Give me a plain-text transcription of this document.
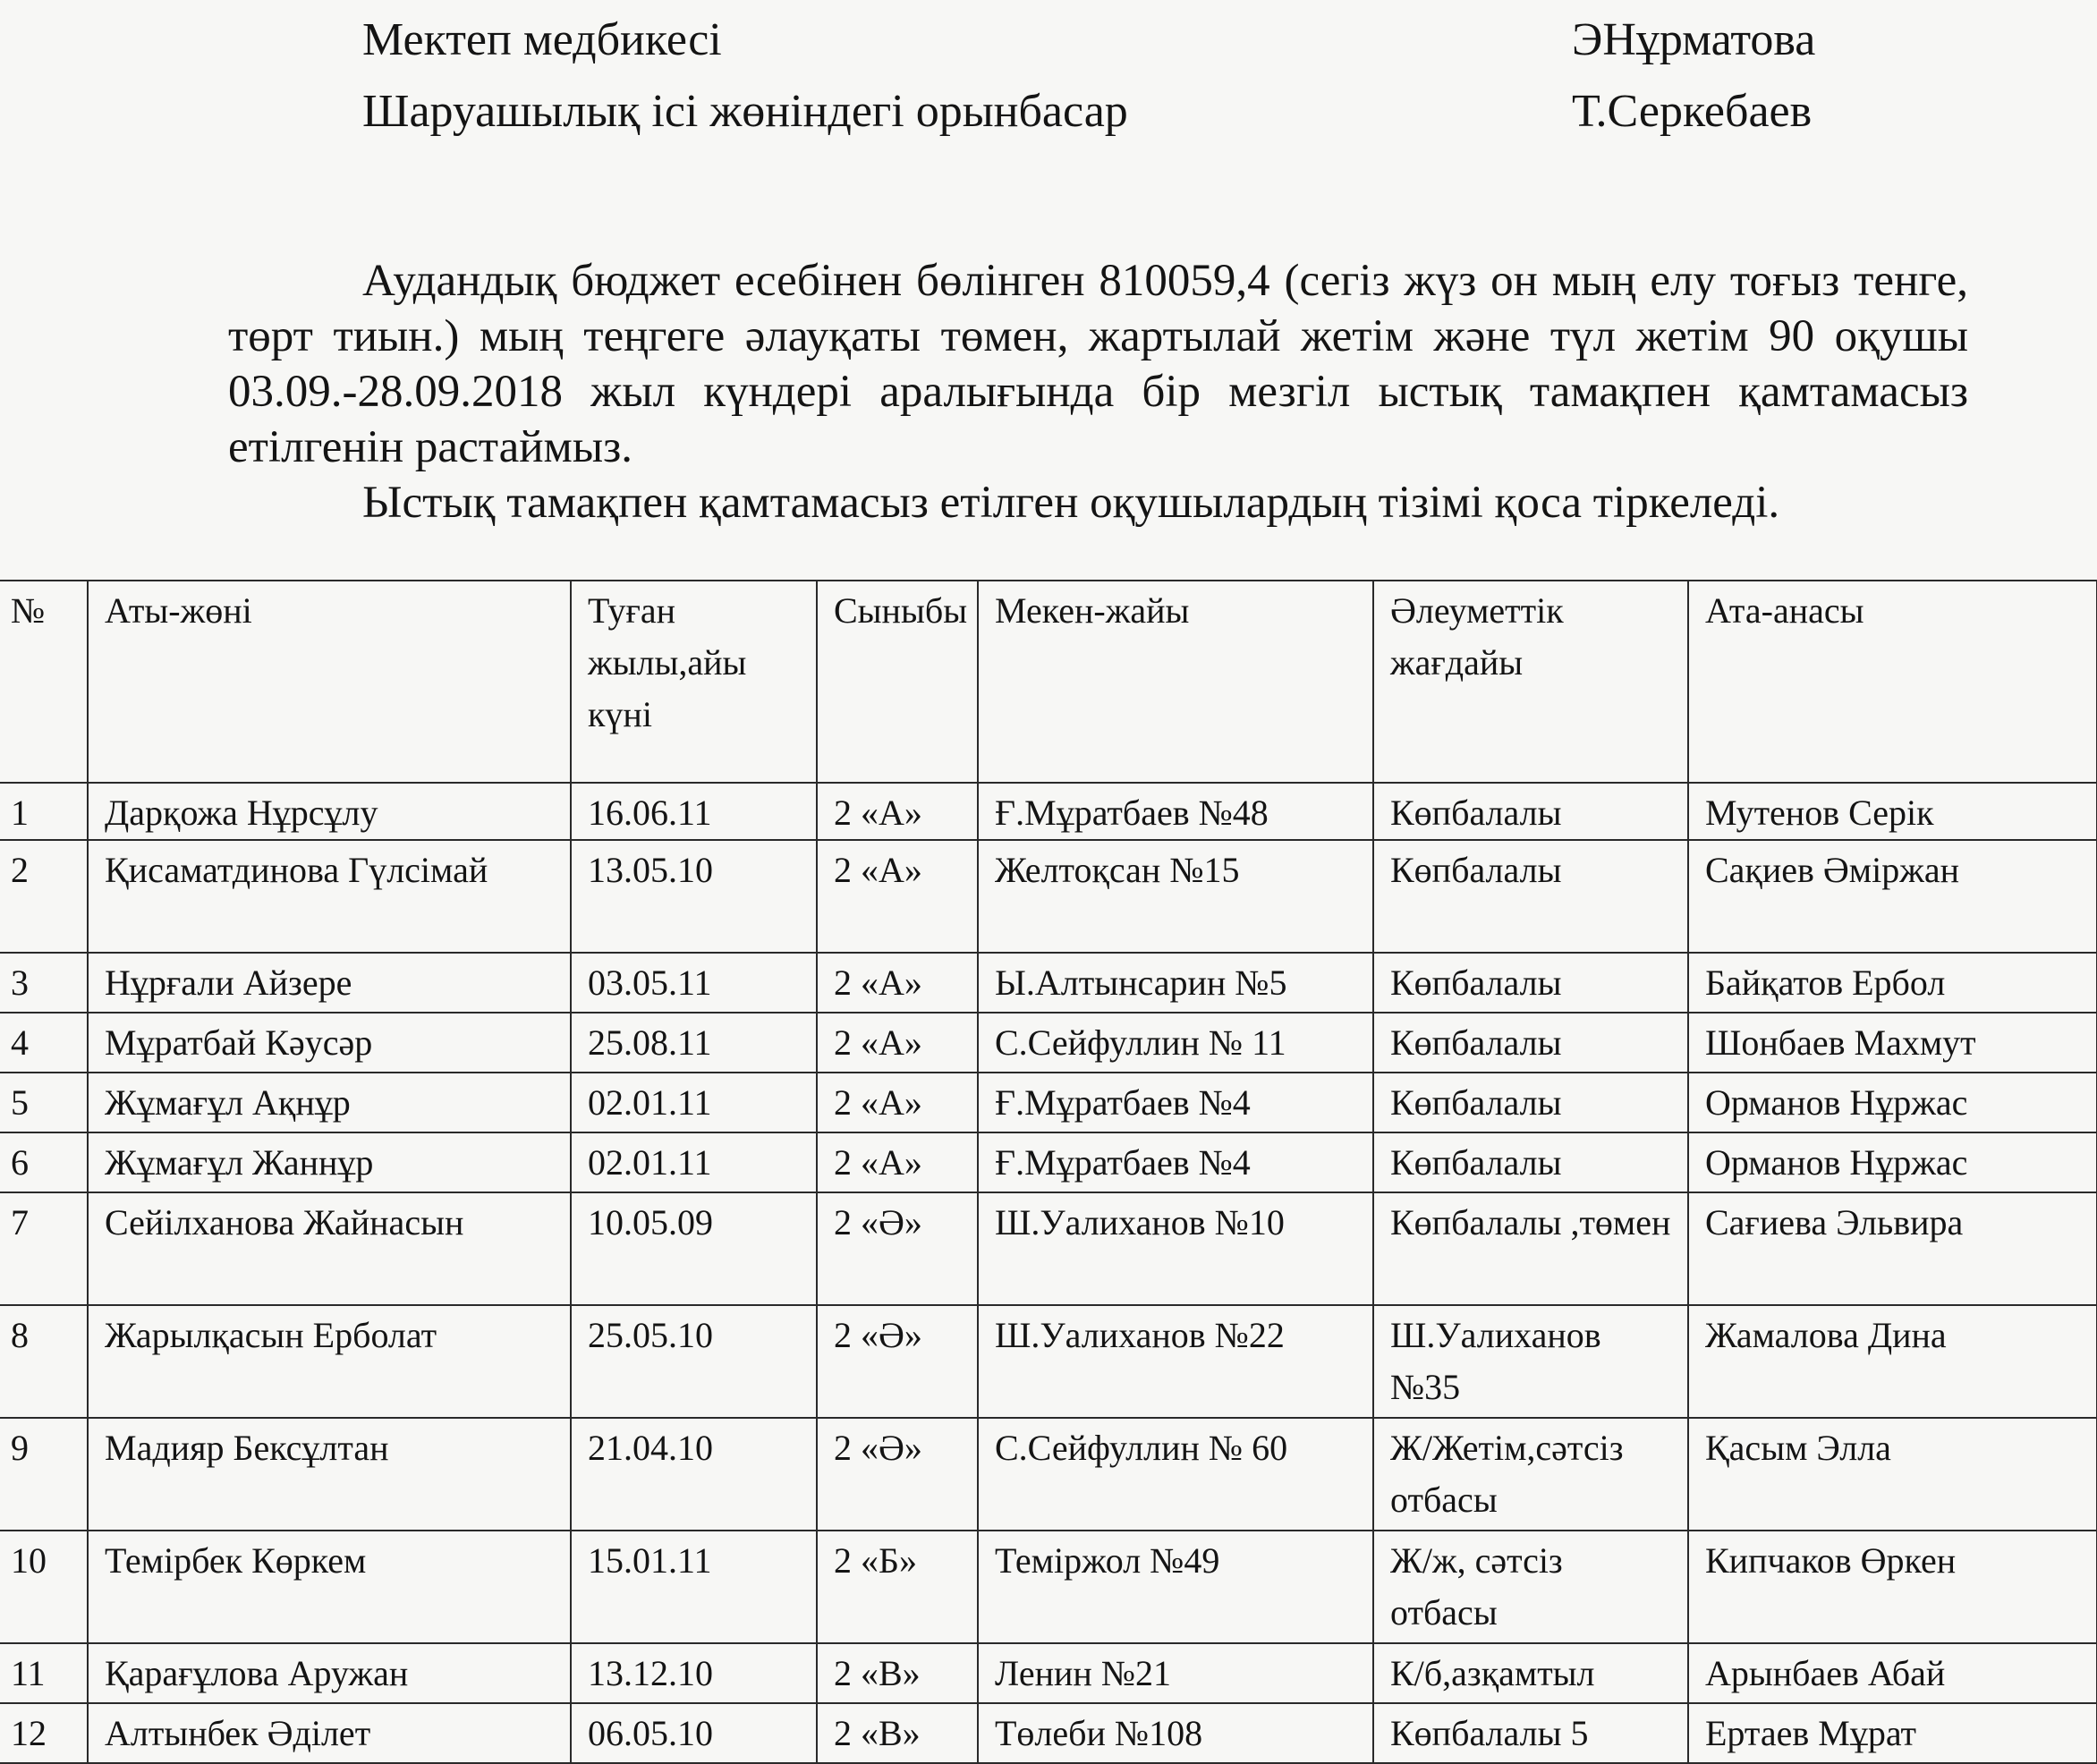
Мектеп медбикесі	ЭНұрматова
Шаруашылық ісі жөніндегі орынбасар	Т.Серкебаев

Аудандық бюджет есебінен бөлінген 810059,4 (сегіз жүз он мың елу тоғыз тенге, төрт тиын.) мың теңгеге әлауқаты төмен, жартылай жетім және түл жетім 90 оқушы 03.09.-28.09.2018 жыл күндері аралығында бір мезгіл ыстық тамақпен қамтамасыз етілгенін растаймыз.

Ыстық тамақпен қамтамасыз етілген оқушылардың тізімі қоса тіркеледі.

№	Аты-жөні	Туған жылы,айы күні	Сыныбы	Мекен-жайы	Әлеуметтік жағдайы	Ата-анасы
1	Дарқожа Нұрсұлу	16.06.11	2 «А»	Ғ.Мұратбаев №48	Көпбалалы	Мутенов Серік
2	Қисаматдинова Гүлсімай	13.05.10	2 «А»	Желтоқсан №15	Көпбалалы	Сақиев Әміржан
3	Нұрғали Айзере	03.05.11	2 «А»	Ы.Алтынсарин №5	Көпбалалы	Байқатов Ербол
4	Мұратбай Кәусәр	25.08.11	2 «А»	С.Сейфуллин № 11	Көпбалалы	Шонбаев Махмут
5	Жұмағұл Ақнұр	02.01.11	2 «А»	Ғ.Мұратбаев №4	Көпбалалы	Орманов Нұржас
6	Жұмағұл Жаннұр	02.01.11	2 «А»	Ғ.Мұратбаев №4	Көпбалалы	Орманов Нұржас
7	Сейілханова Жайнасын	10.05.09	2 «Ә»	Ш.Уалиханов №10	Көпбалалы ,төмен	Сағиева Эльвира
8	Жарылқасын Ерболат	25.05.10	2 «Ә»	Ш.Уалиханов №22	Ш.Уалиханов №35	Жамалова Дина
9	Мадияр Бексұлтан	21.04.10	2 «Ә»	С.Сейфуллин № 60	Ж/Жетім,сәтсіз отбасы	Қасым Элла
10	Темірбек Көркем	15.01.11	2 «Б»	Теміржол №49	Ж/ж, сәтсіз отбасы	Кипчаков Өркен
11	Қарағұлова Аружан	13.12.10	2 «В»	Ленин №21	К/б,азқамтыл	Арынбаев Абай
12	Алтынбек Әділет	06.05.10	2 «В»	Төлеби №108	Көпбалалы 5	Ертаев Мұрат
